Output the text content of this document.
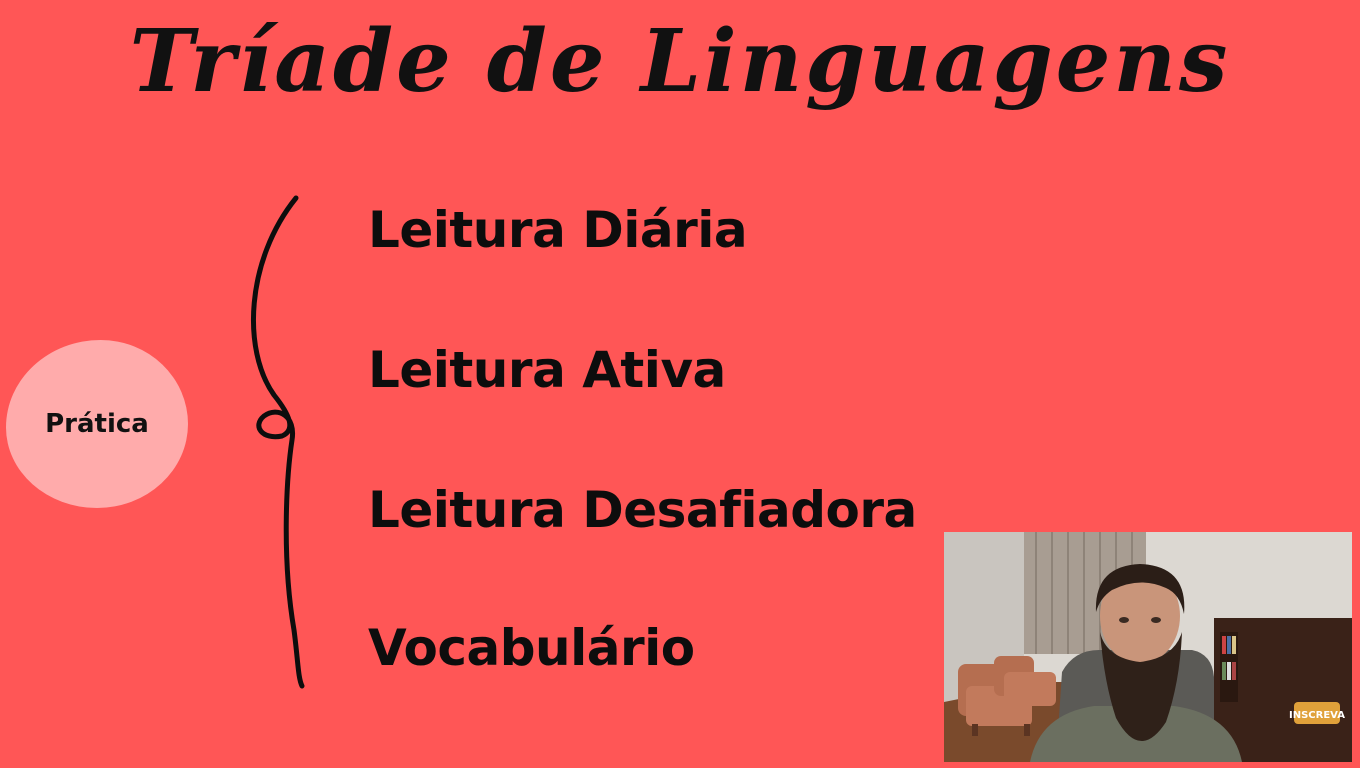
Tríade de Linguagens
Prática
Leitura Diária
Leitura Ativa
Leitura Desafiadora
Vocabulário
INSCREVA
